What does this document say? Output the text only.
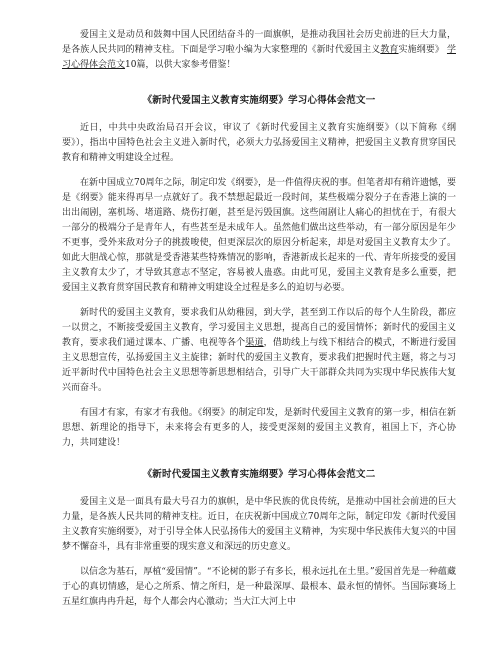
爱国主义是动员和鼓舞中国人民团结奋斗的一面旗帜，是推动我国社会历史前进的巨大力量，是各族人民共同的精神支柱。下面是学习啦小编为大家整理的《新时代爱国主义教育实施纲要》 学习心得体会范文10篇，以供大家参考借鉴！

《新时代爱国主义教育实施纲要》学习心得体会范文一

近日，中共中央政治局召开会议，审议了《新时代爱国主义教育实施纲要》（以下简称《纲要》），指出中国特色社会主义进入新时代，必须大力弘扬爱国主义精神，把爱国主义教育贯穿国民教育和精神文明建设全过程。

在新中国成立70周年之际，制定印发《纲要》，是一件值得庆祝的事。但笔者却有稍许遗憾，要是《纲要》能来得再早一点就好了。我不禁想起最近一段时间，某些极端分裂分子在香港上演的一出出闹剧，塞机场、堵道路、烧伤打砸，甚至是污毁国旗。这些闹剧让人痛心的担忧在于，有很大一部分的极端分子是青年人，有些甚至是未成年人。虽然他们做出这些举动，有一部分原因是年少不更事，受外来敌对分子的挑拨唆使，但更深层次的原因分析起来，却是对爱国主义教育太少了。如此大胆战心惊，那就是受香港某些特殊情况的影响，香港新成长起来的一代、青年所接受的爱国主义教育太少了，才导致其意志不坚定，容易被人蛊惑。由此可见，爱国主义教育是多么重要，把爱国主义教育贯穿国民教育和精神文明建设全过程是多么的迫切与必要。

新时代的爱国主义教育，要求我们从幼稚园，到大学，甚至到工作以后的每个人生阶段，都应一以贯之，不断接受爱国主义教育，学习爱国主义思想，提高自己的爱国情怀；新时代的爱国主义教育，要求我们通过课本、广播、电视等各个渠道，借助线上与线下相结合的模式，不断进行爱国主义思想宣传，弘扬爱国主义主旋律；新时代的爱国主义教育，要求我们把握时代主题，将之与习近平新时代中国特色社会主义思想等新思想相结合，引导广大干部群众共同为实现中华民族伟大复兴而奋斗。

有国才有家，有家才有我他。《纲要》的制定印发，是新时代爱国主义教育的第一步，相信在新思想、新理论的指导下，未来将会有更多的人，接受更深刻的爱国主义教育，祖国上下，齐心协力，共同建设！

《新时代爱国主义教育实施纲要》学习心得体会范文二

爱国主义是一面具有最大号召力的旗帜，是中华民族的优良传统，是推动中国社会前进的巨大力量，是各族人民共同的精神支柱。近日，在庆祝新中国成立70周年之际，制定印发《新时代爱国主义教育实施纲要》，对于引导全体人民弘扬伟大的爱国主义精神，为实现中华民族伟大复兴的中国梦不懈奋斗，具有非常重要的现实意义和深远的历史意义。

以信念为基石，厚植“爱国情”。“不论树的影子有多长，根永远扎在土里。”爱国首先是一种蕴藏于心的真切情感，是心之所系、情之所归，是一种最深厚、最根本、最永恒的情怀。当国际赛场上五星红旗冉冉升起，每个人都会内心激动；当大江大河上中
